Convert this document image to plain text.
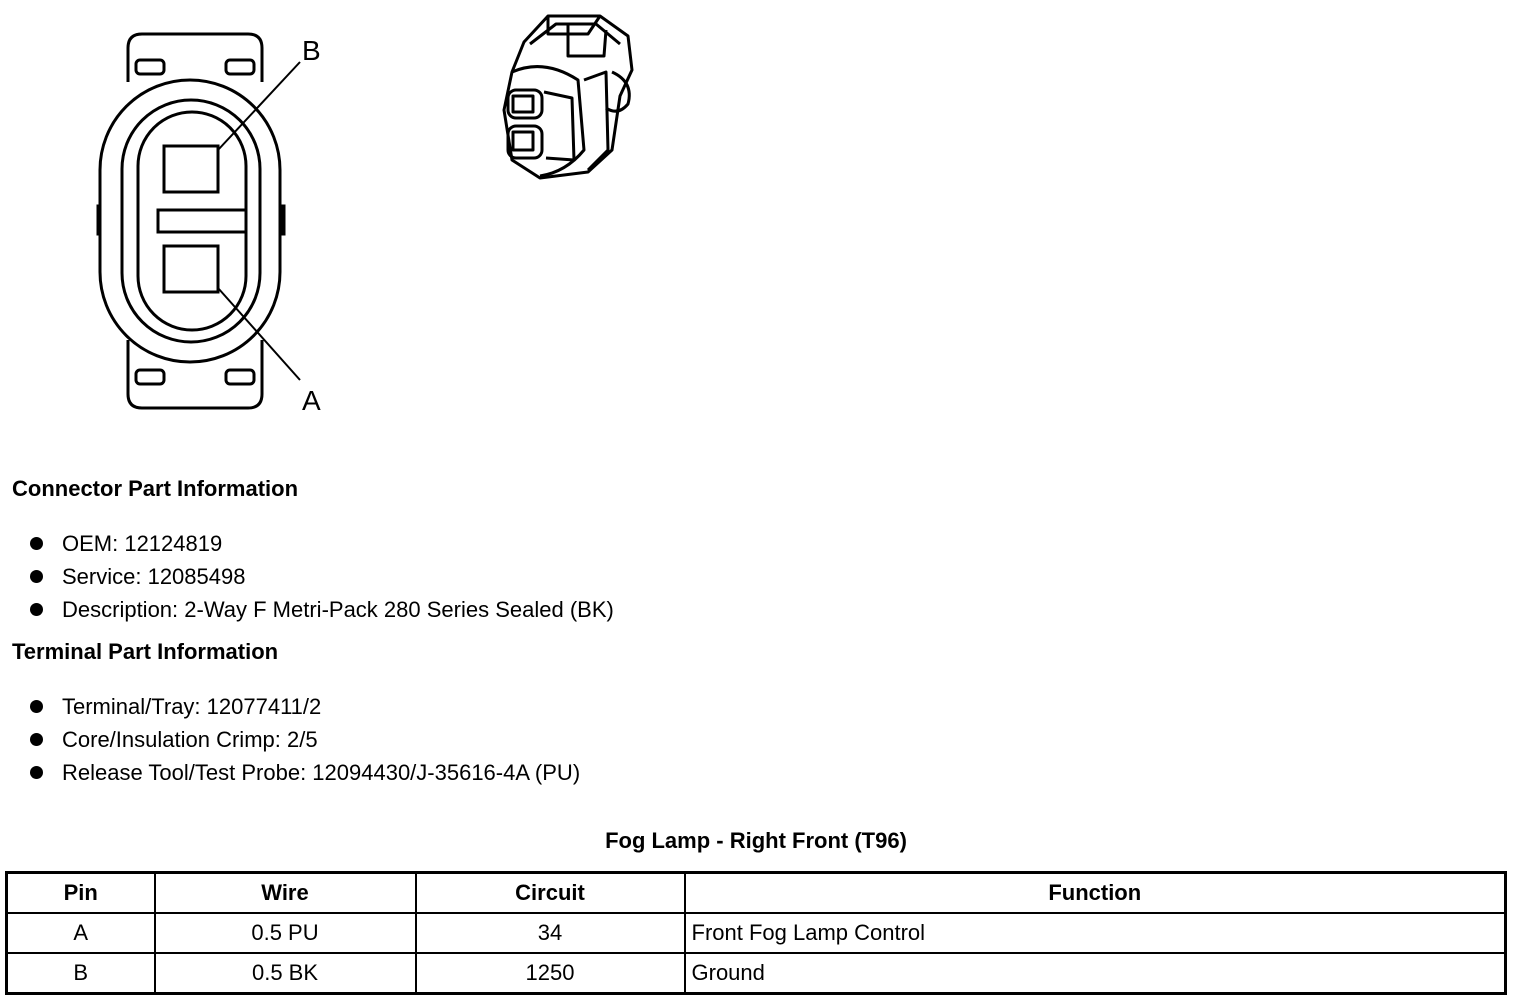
B
A
Connector Part Information
OEM: 12124819
Service: 12085498
Description: 2-Way F Metri-Pack 280 Series Sealed (BK)
Terminal Part Information
Terminal/Tray: 12077411/2
Core/Insulation Crimp: 2/5
Release Tool/Test Probe: 12094430/J-35616-4A (PU)
Fog Lamp - Right Front (T96)
Pin	Wire	Circuit	Function
A	0.5 PU	34	Front Fog Lamp Control
B	0.5 BK	1250	Ground
